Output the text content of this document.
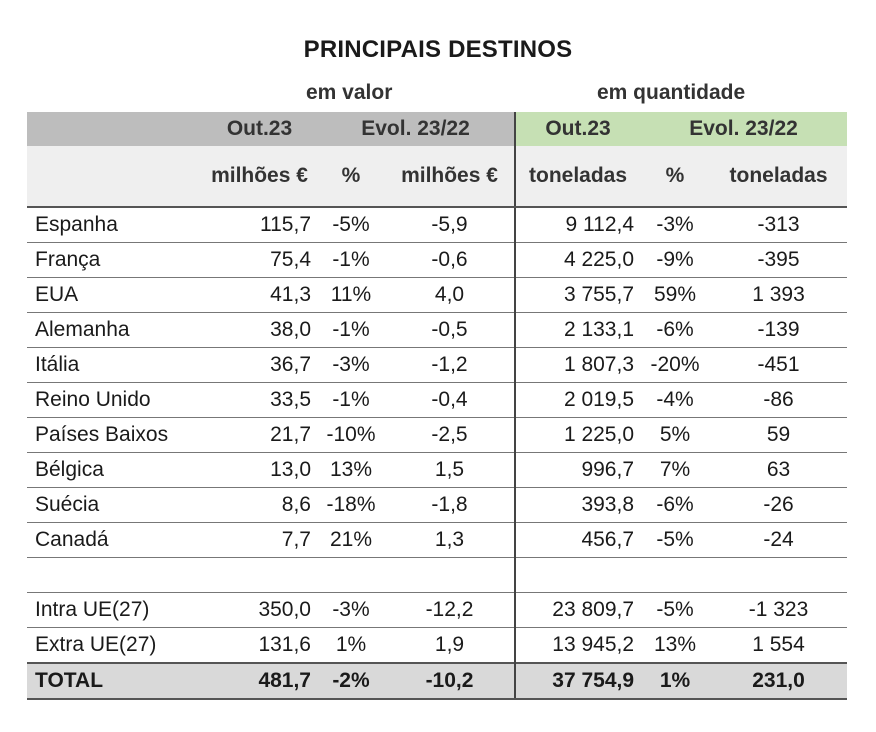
PRINCIPAIS DESTINOS
em valor	em quantidade
	Out.23	Evol. 23/22		Out.23	Evol. 23/22	
	milhões €	%	milhões €	toneladas	%	toneladas
Espanha	115,7	-5%	-5,9	9 112,4	-3%	-313
França	75,4	-1%	-0,6	4 225,0	-9%	-395
EUA	41,3	11%	4,0	3 755,7	59%	1 393
Alemanha	38,0	-1%	-0,5	2 133,1	-6%	-139
Itália	36,7	-3%	-1,2	1 807,3	-20%	-451
Reino Unido	33,5	-1%	-0,4	2 019,5	-4%	-86
Países Baixos	21,7	-10%	-2,5	1 225,0	5%	59
Bélgica	13,0	13%	1,5	996,7	7%	63
Suécia	8,6	-18%	-1,8	393,8	-6%	-26
Canadá	7,7	21%	1,3	456,7	-5%	-24

Intra UE(27)	350,0	-3%	-12,2	23 809,7	-5%	-1 323
Extra UE(27)	131,6	1%	1,9	13 945,2	13%	1 554
TOTAL	481,7	-2%	-10,2	37 754,9	1%	231,0
